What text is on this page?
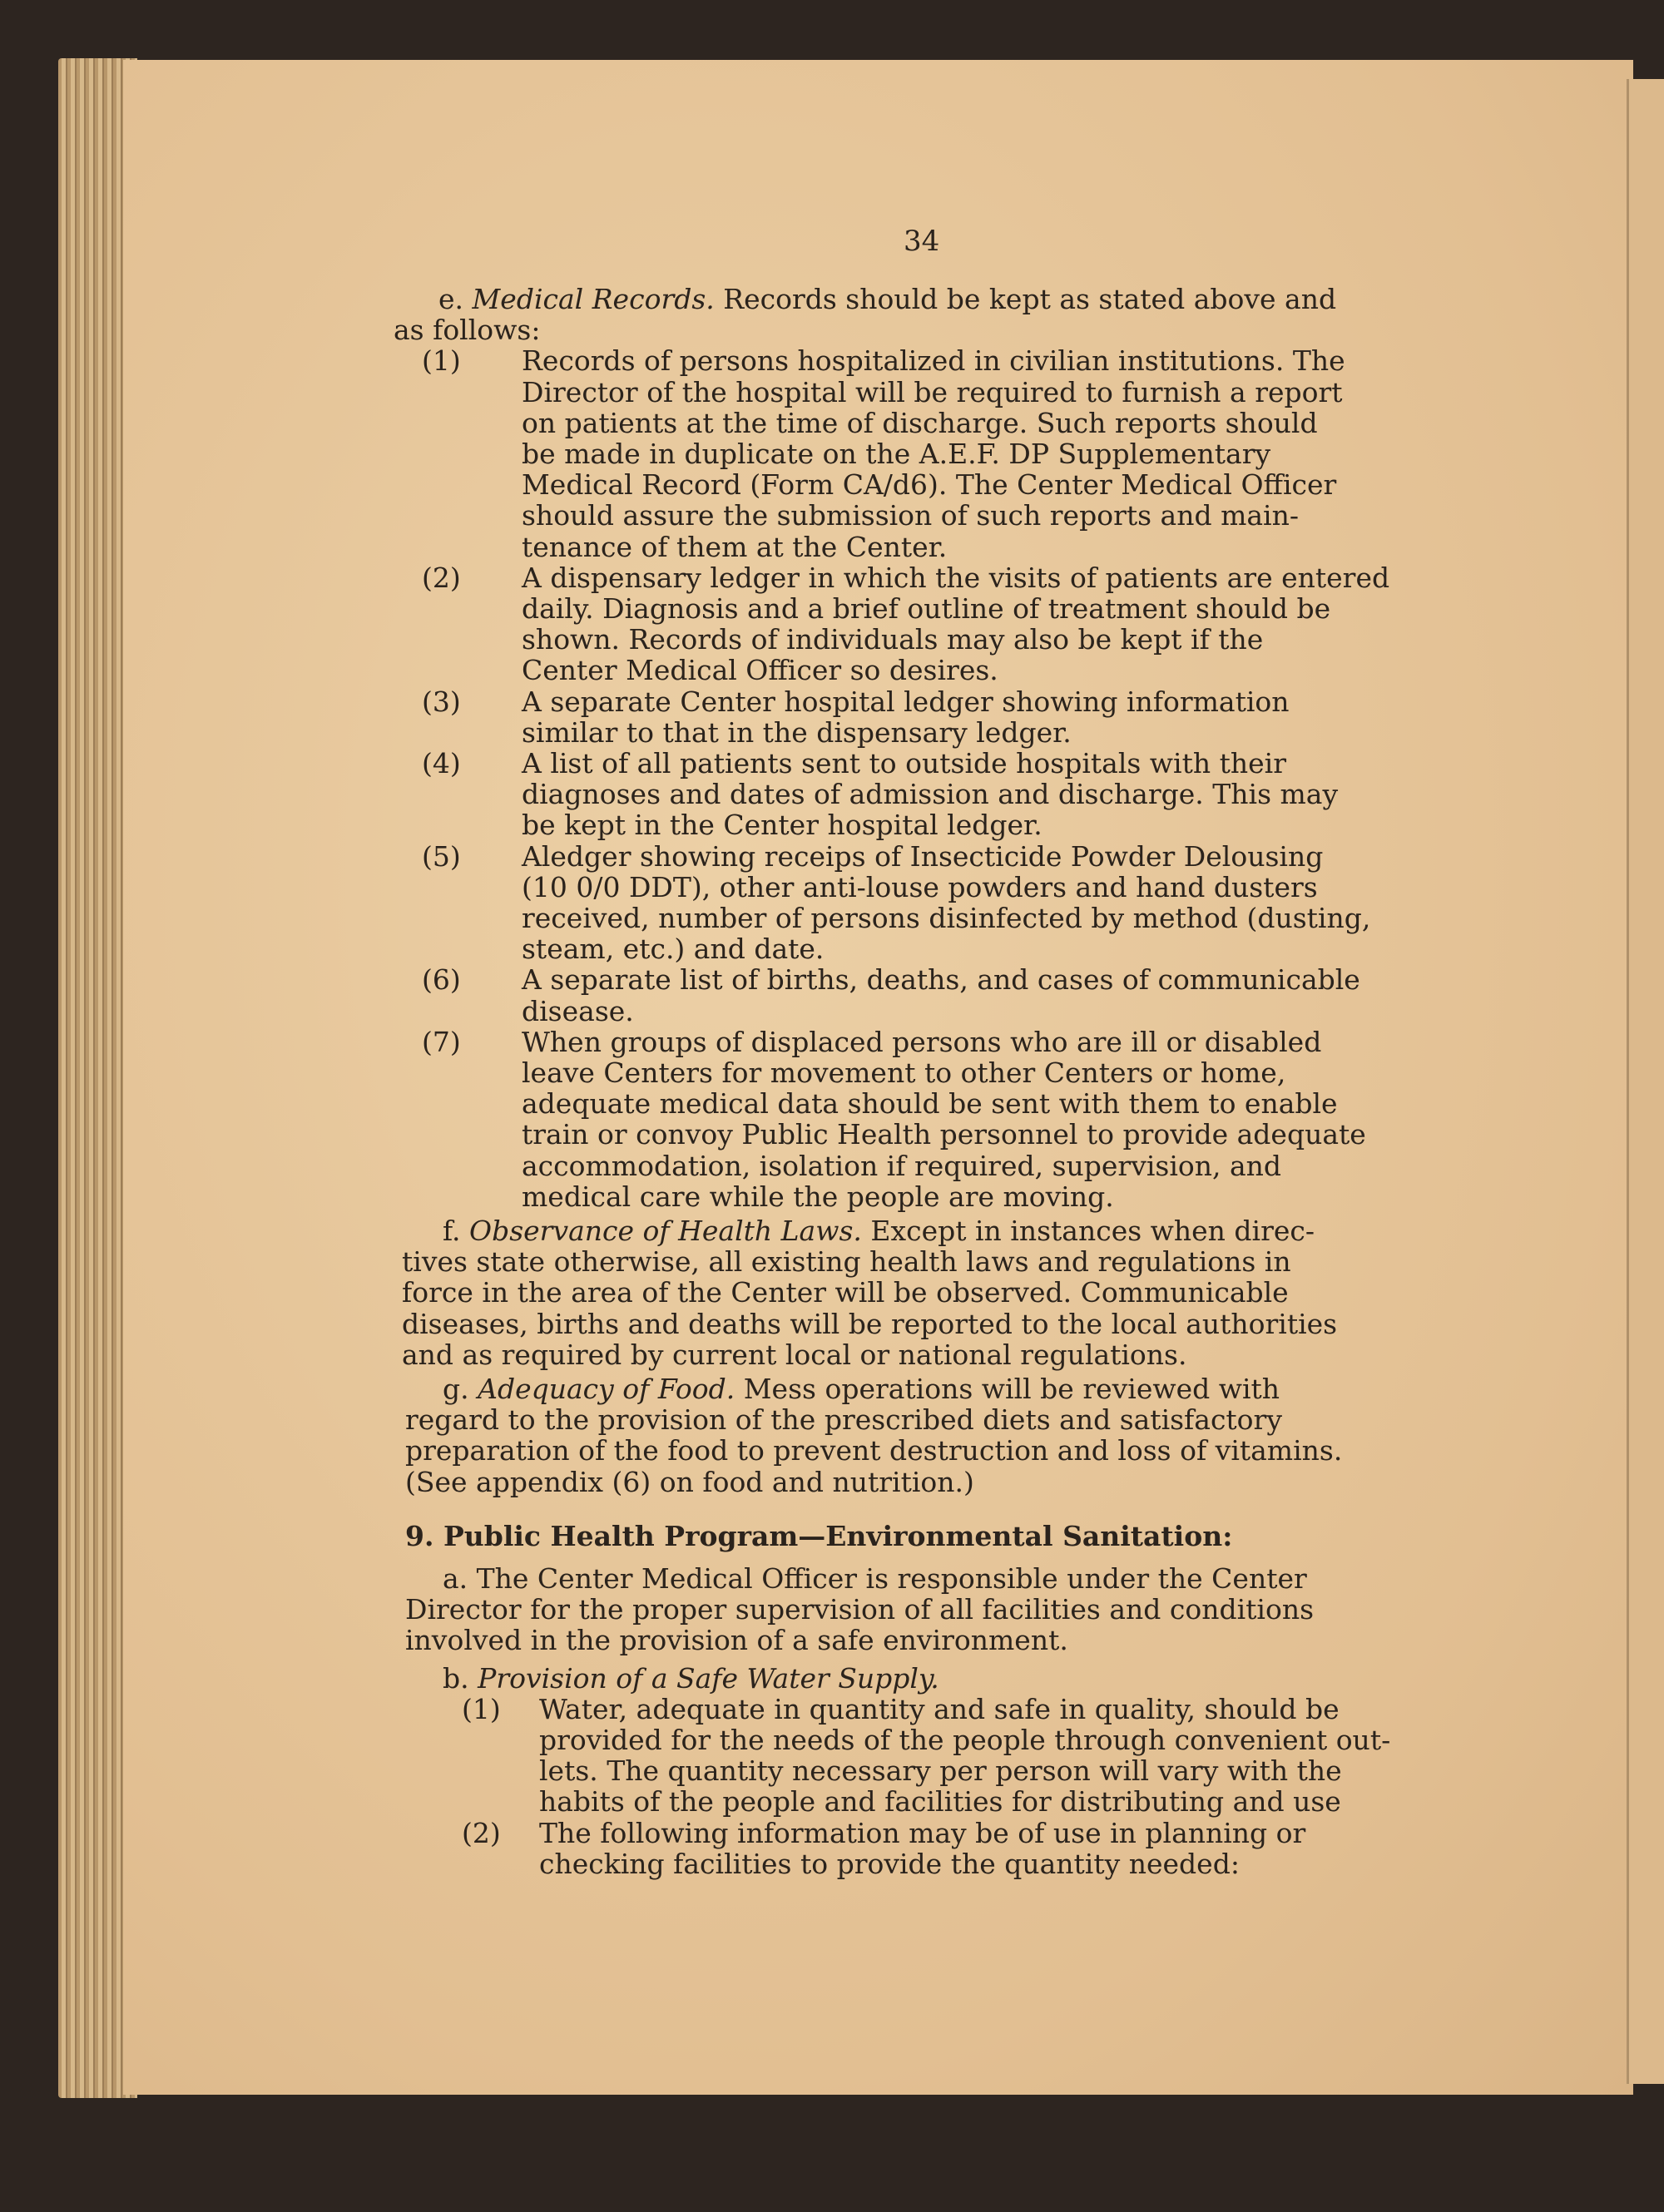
34
e. Medical Records. Records should be kept as stated above and
as follows:
(1) Records of persons hospitalized in civilian institutions. The
Director of the hospital will be required to furnish a report
on patients at the time of discharge. Such reports should
be made in duplicate on the A.E.F. DP Supplementary
Medical Record (Form CA/d6). The Center Medical Officer
should assure the submission of such reports and main-
tenance of them at the Center.
(2) A dispensary ledger in which the visits of patients are entered
daily. Diagnosis and a brief outline of treatment should be
shown. Records of individuals may also be kept if the
Center Medical Officer so desires.
(3) A separate Center hospital ledger showing information
similar to that in the dispensary ledger.
(4) A list of all patients sent to outside hospitals with their
diagnoses and dates of admission and discharge. This may
be kept in the Center hospital ledger.
(5) Aledger showing receips of Insecticide Powder Delousing
(10 0/0 DDT), other anti-louse powders and hand dusters
received, number of persons disinfected by method (dusting,
steam, etc.) and date.
(6) A separate list of births, deaths, and cases of communicable
disease.
(7) When groups of displaced persons who are ill or disabled
leave Centers for movement to other Centers or home,
adequate medical data should be sent with them to enable
train or convoy Public Health personnel to provide adequate
accommodation, isolation if required, supervision, and
medical care while the people are moving.
f. Observance of Health Laws. Except in instances when direc-
tives state otherwise, all existing health laws and regulations in
force in the area of the Center will be observed. Communicable
diseases, births and deaths will be reported to the local authorities
and as required by current local or national regulations.
g. Adequacy of Food. Mess operations will be reviewed with
regard to the provision of the prescribed diets and satisfactory
preparation of the food to prevent destruction and loss of vitamins.
(See appendix (6) on food and nutrition.)
9. Public Health Program—Environmental Sanitation:
a. The Center Medical Officer is responsible under the Center
Director for the proper supervision of all facilities and conditions
involved in the provision of a safe environment.
b. Provision of a Safe Water Supply.
(1) Water, adequate in quantity and safe in quality, should be
provided for the needs of the people through convenient out-
lets. The quantity necessary per person will vary with the
habits of the people and facilities for distributing and use
(2) The following information may be of use in planning or
checking facilities to provide the quantity needed:
